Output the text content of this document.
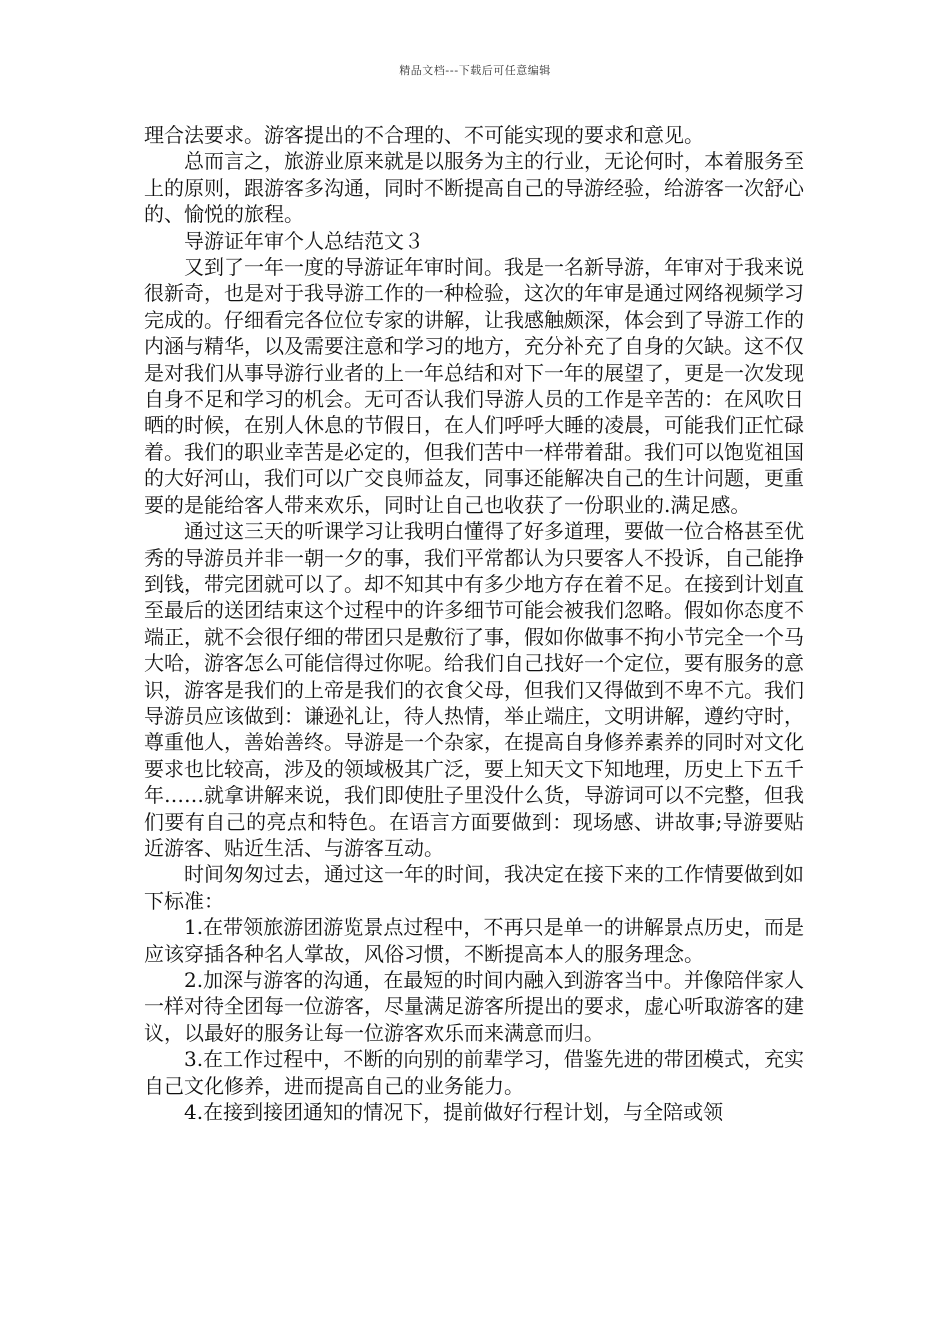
精品文档---下载后可任意编辑

理合法要求。游客提出的不合理的、不可能实现的要求和意见。

总而言之，旅游业原来就是以服务为主的行业，无论何时，本着服务至上的原则，跟游客多沟通，同时不断提高自己的导游经验，给游客一次舒心的、愉悦的旅程。

导游证年审个人总结范文３

又到了一年一度的导游证年审时间。我是一名新导游，年审对于我来说很新奇，也是对于我导游工作的一种检验，这次的年审是通过网络视频学习完成的。仔细看完各位位专家的讲解，让我感触颇深，体会到了导游工作的内涵与精华，以及需要注意和学习的地方，充分补充了自身的欠缺。这不仅是对我们从事导游行业者的上一年总结和对下一年的展望了，更是一次发现自身不足和学习的机会。无可否认我们导游人员的工作是辛苦的：在风吹日晒的时候，在别人休息的节假日，在人们呼呼大睡的凌晨，可能我们正忙碌着。我们的职业幸苦是必定的，但我们苦中一样带着甜。我们可以饱览祖国的大好河山，我们可以广交良师益友，同事还能解决自己的生计问题，更重要的是能给客人带来欢乐，同时让自己也收获了一份职业的.满足感。

通过这三天的听课学习让我明白懂得了好多道理，要做一位合格甚至优秀的导游员并非一朝一夕的事，我们平常都认为只要客人不投诉，自己能挣到钱，带完团就可以了。却不知其中有多少地方存在着不足。在接到计划直至最后的送团结束这个过程中的许多细节可能会被我们忽略。假如你态度不端正，就不会很仔细的带团只是敷衍了事，假如你做事不拘小节完全一个马大哈，游客怎么可能信得过你呢。给我们自己找好一个定位，要有服务的意识，游客是我们的上帝是我们的衣食父母，但我们又得做到不卑不亢。我们导游员应该做到：谦逊礼让，待人热情，举止端庄，文明讲解，遵约守时，尊重他人，善始善终。导游是一个杂家，在提高自身修养素养的同时对文化要求也比较高，涉及的领域极其广泛，要上知天文下知地理，历史上下五千年……就拿讲解来说，我们即使肚子里没什么货，导游词可以不完整，但我们要有自己的亮点和特色。在语言方面要做到：现场感、讲故事;导游要贴近游客、贴近生活、与游客互动。

时间匆匆过去，通过这一年的时间，我决定在接下来的工作情要做到如下标准：

1.在带领旅游团游览景点过程中，不再只是单一的讲解景点历史，而是应该穿插各种名人掌故，风俗习惯，不断提高本人的服务理念。

2.加深与游客的沟通，在最短的时间内融入到游客当中。并像陪伴家人一样对待全团每一位游客，尽量满足游客所提出的要求，虚心听取游客的建议，以最好的服务让每一位游客欢乐而来满意而归。

3.在工作过程中，不断的向别的前辈学习，借鉴先进的带团模式，充实自己文化修养，进而提高自己的业务能力。

4.在接到接团通知的情况下，提前做好行程计划，与全陪或领
